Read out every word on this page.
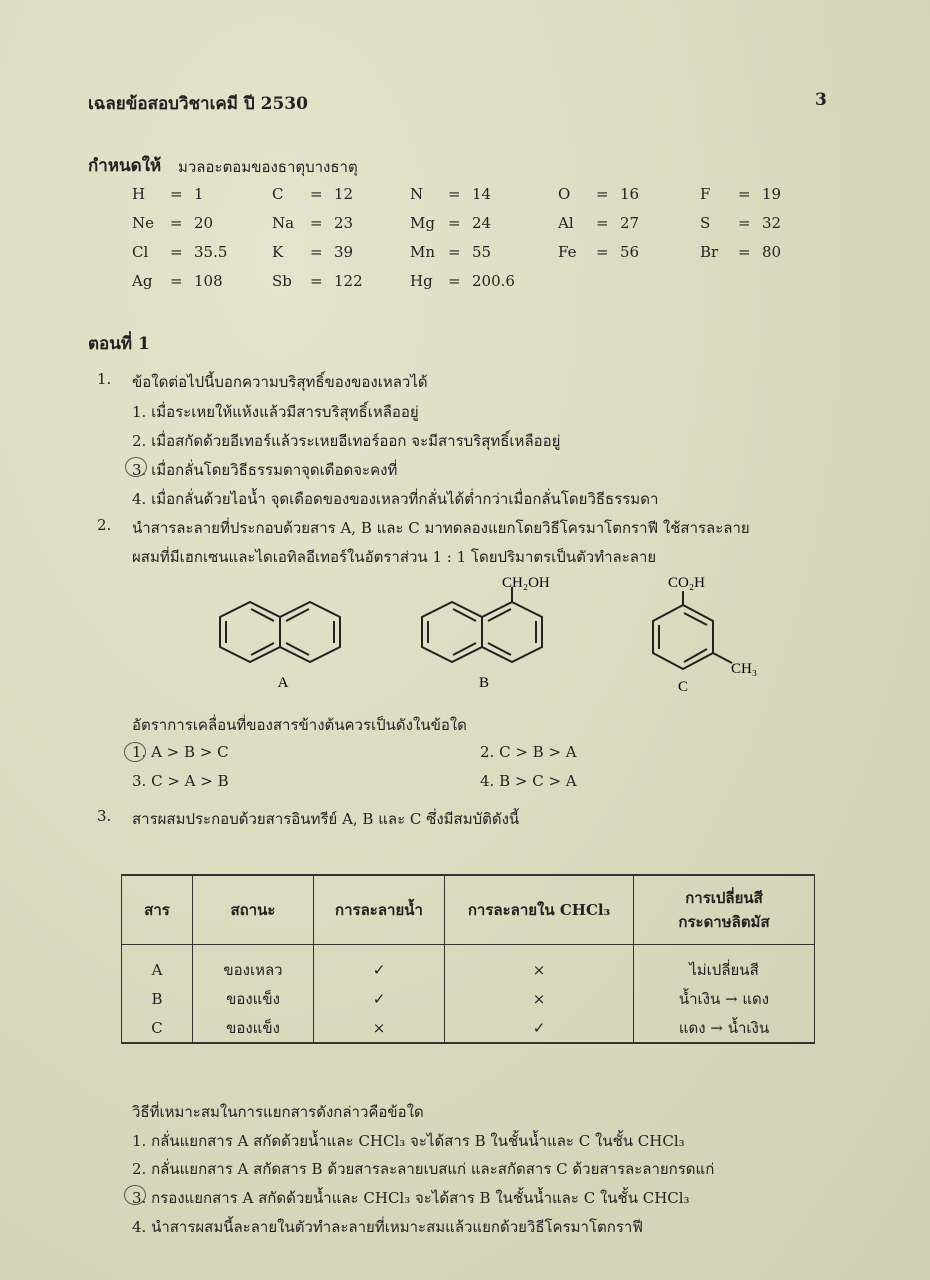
เฉลยข้อสอบวิชาเคมี ปี 2530	3
กำหนดให้ มวลอะตอมของธาตุบางธาตุ
H = 1	C = 12	N = 14	O = 16	F = 19
Ne = 20	Na = 23	Mg = 24	Al = 27	S = 32
Cl = 35.5	K = 39	Mn = 55	Fe = 56	Br = 80
Ag = 108	Sb = 122	Hg = 200.6
ตอนที่ 1
1. ข้อใดต่อไปนี้บอกความบริสุทธิ์ของของเหลวได้
1. เมื่อระเหยให้แห้งแล้วมีสารบริสุทธิ์เหลืออยู่
2. เมื่อสกัดด้วยอีเทอร์แล้วระเหยอีเทอร์ออก จะมีสารบริสุทธิ์เหลืออยู่
3. เมื่อกลั่นโดยวิธีธรรมดาจุดเดือดจะคงที่
4. เมื่อกลั่นด้วยไอน้ำ จุดเดือดของของเหลวที่กลั่นได้ต่ำกว่าเมื่อกลั่นโดยวิธีธรรมดา
2. นำสารละลายที่ประกอบด้วยสาร A, B และ C มาทดลองแยกโดยวิธีโครมาโตกราฟี ใช้สารละลาย
ผสมที่มีเฮกเซนและไดเอทิลอีเทอร์ในอัตราส่วน 1 : 1 โดยปริมาตรเป็นตัวทำละลาย
A	B
CH₂OH
C
CO₂H
CH₃
อัตราการเคลื่อนที่ของสารข้างต้นควรเป็นดังในข้อใด
1. A > B > C	2. C > B > A
3. C > A > B	4. B > C > A
3. สารผสมประกอบด้วยสารอินทรีย์ A, B และ C ซึ่งมีสมบัติดังนี้
สาร	สถานะ	การละลายน้ำ	การละลายใน CHCl₃	การเปลี่ยนสี
กระดาษลิตมัส

A	ของเหลว	✓	×	ไม่เปลี่ยนสี
B	ของแข็ง	✓	×	น้ำเงิน → แดง
C	ของแข็ง	×	✓	แดง → น้ำเงิน
วิธีที่เหมาะสมในการแยกสารดังกล่าวคือข้อใด
1. กลั่นแยกสาร A สกัดด้วยน้ำและ CHCl₃ จะได้สาร B ในชั้นน้ำและ C ในชั้น CHCl₃
2. กลั่นแยกสาร A สกัดสาร B ด้วยสารละลายเบสแก่ และสกัดสาร C ด้วยสารละลายกรดแก่
3. กรองแยกสาร A สกัดด้วยน้ำและ CHCl₃ จะได้สาร B ในชั้นน้ำและ C ในชั้น CHCl₃
4. นำสารผสมนี้ละลายในตัวทำละลายที่เหมาะสมแล้วแยกด้วยวิธีโครมาโตกราฟี
